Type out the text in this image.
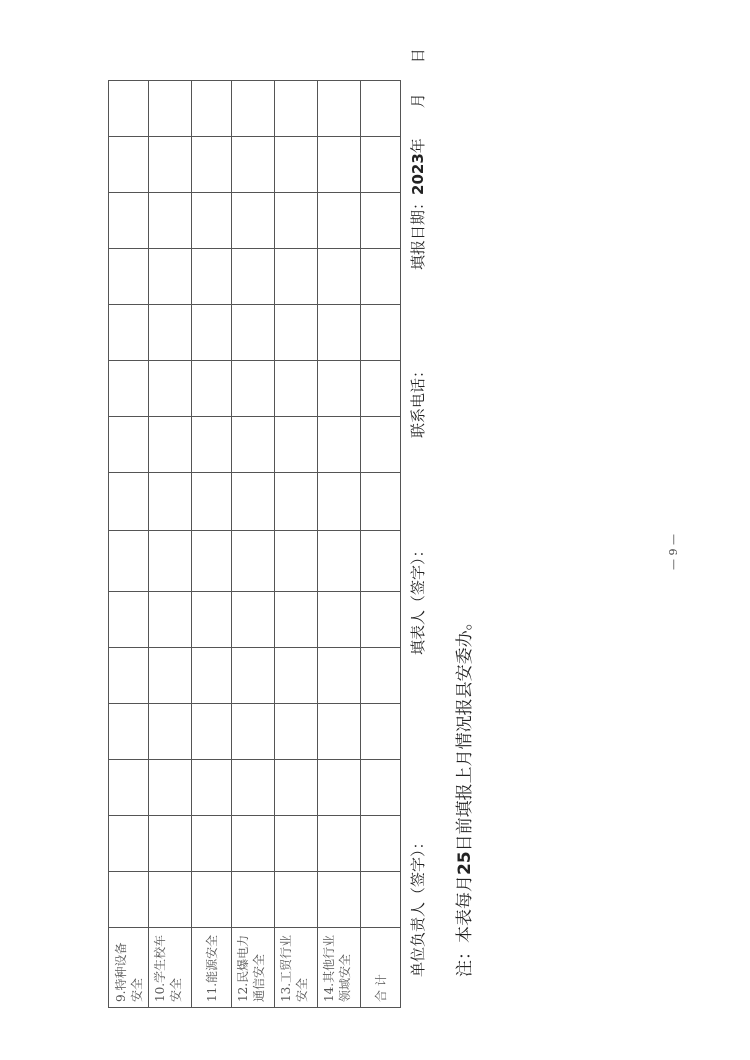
9.特种设备安全															
10.学生校车安全															
11.能源安全															
12.民爆电力通信安全															
13.工贸行业安全															
14.其他行业领域安全															
合 计															
单位负责人（签字）：
填表人（签字）：
联系电话：
填报日期：2023年　　月　　日
注：本表每月25日前填报上月情况报县安委办。
— 9 —
